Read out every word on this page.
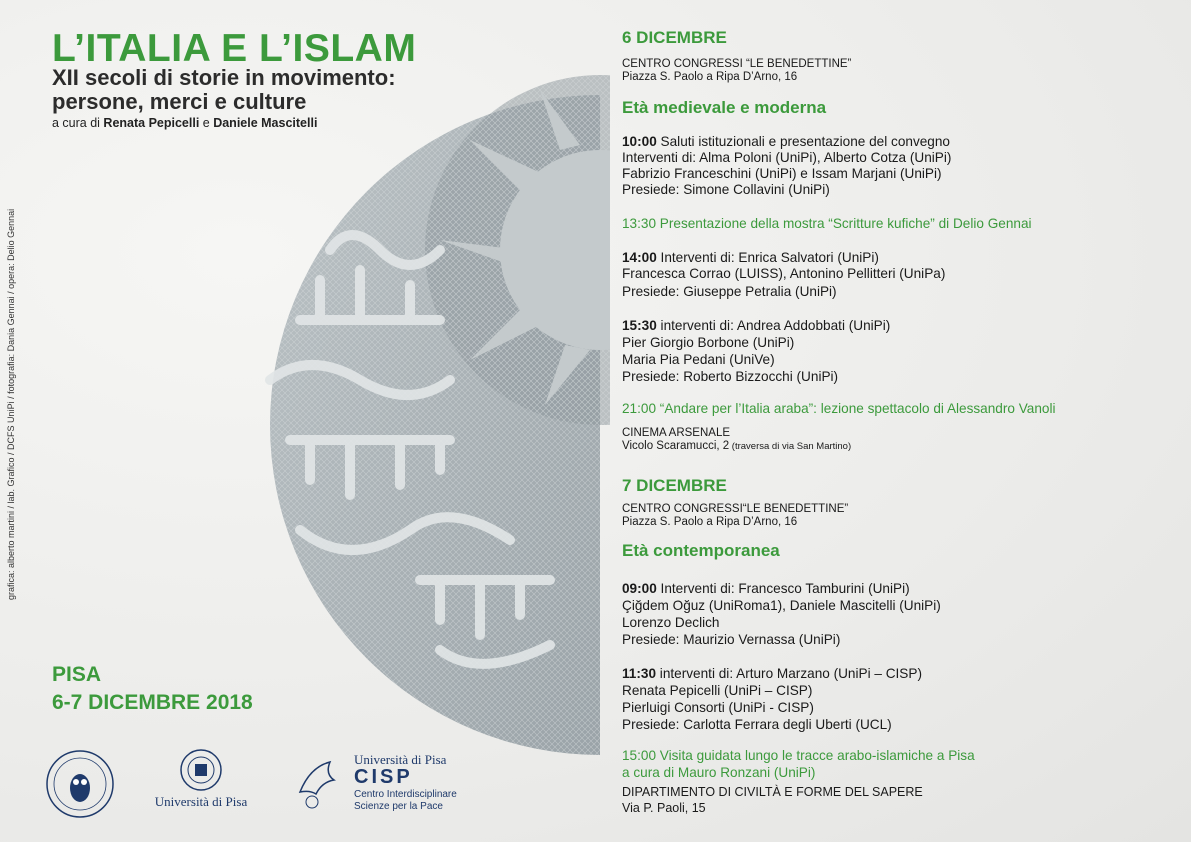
L’ITALIA E L’ISLAM
XII secoli di storie in movimento:
persone, merci e culture
a cura di Renata Pepicelli e Daniele Mascitelli
grafica: alberto martini / lab. Grafico / DCFS UniPi / fotografia: Dania Gennai / opera: Delio Gennai
PISA
6-7 DICEMBRE 2018
Università di Pisa
Università di Pisa
CISP
Centro Interdisciplinare
Scienze per la Pace
6 DICEMBRE
CENTRO CONGRESSI “LE BENEDETTINE”
Piazza S. Paolo a Ripa D’Arno, 16
Età medievale e moderna
10:00 Saluti istituzionali e presentazione del convegno
Interventi di: Alma Poloni (UniPi), Alberto Cotza (UniPi)
Fabrizio Franceschini (UniPi) e Issam Marjani (UniPi)
Presiede: Simone Collavini (UniPi)
13:30 Presentazione della mostra “Scritture kufiche” di Delio Gennai
14:00 Interventi di: Enrica Salvatori (UniPi)
Francesca Corrao (LUISS), Antonino Pellitteri (UniPa)
Presiede: Giuseppe Petralia (UniPi)
15:30 interventi di: Andrea Addobbati (UniPi)
Pier Giorgio Borbone (UniPi)
Maria Pia Pedani (UniVe)
Presiede: Roberto Bizzocchi (UniPi)
21:00 “Andare per l’Italia araba”: lezione spettacolo di Alessandro Vanoli
CINEMA ARSENALE
Vicolo Scaramucci, 2 (traversa di via San Martino)
7 DICEMBRE
CENTRO CONGRESSI“LE BENEDETTINE”
Piazza S. Paolo a Ripa D’Arno, 16
Età contemporanea
09:00 Interventi di: Francesco Tamburini (UniPi)
Çiğdem Oğuz (UniRoma1), Daniele Mascitelli (UniPi)
Lorenzo Declich
Presiede: Maurizio Vernassa (UniPi)
11:30 interventi di: Arturo Marzano (UniPi – CISP)
Renata Pepicelli (UniPi – CISP)
Pierluigi Consorti (UniPi - CISP)
Presiede: Carlotta Ferrara degli Uberti (UCL)
15:00 Visita guidata lungo le tracce arabo-islamiche a Pisa
a cura di Mauro Ronzani (UniPi)
DIPARTIMENTO DI CIVILTÀ E FORME DEL SAPERE
Via P. Paoli, 15
